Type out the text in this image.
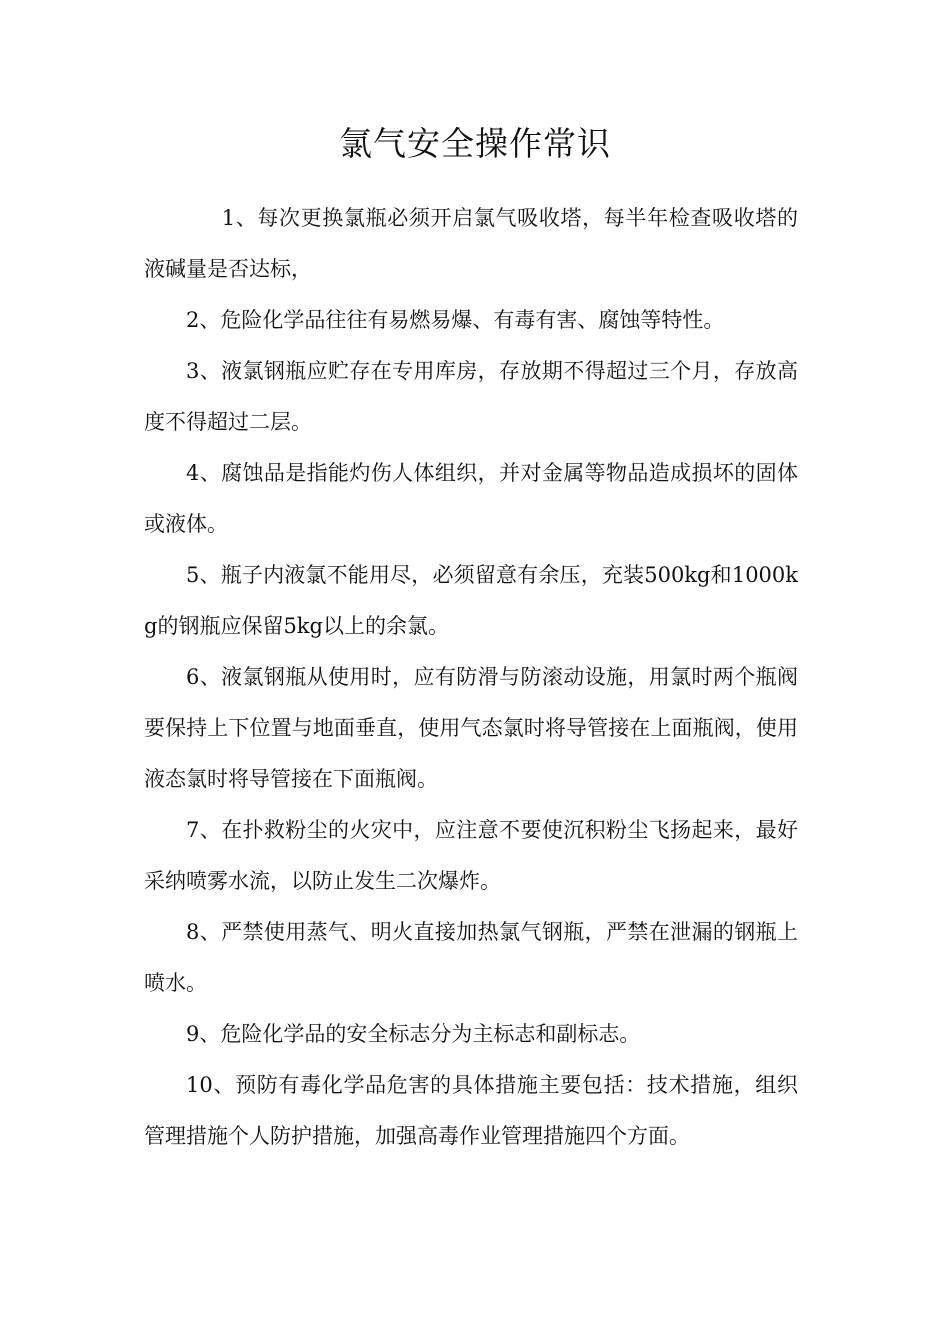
氯气安全操作常识

1、每次更换氯瓶必须开启氯气吸收塔，每半年检查吸收塔的液碱量是否达标，

2、危险化学品往往有易燃易爆、有毒有害、腐蚀等特性。

3、液氯钢瓶应贮存在专用库房，存放期不得超过三个月，存放高度不得超过二层。

4、腐蚀品是指能灼伤人体组织，并对金属等物品造成损坏的固体或液体。

5、瓶子内液氯不能用尽，必须留意有余压，充装500kg和1000kg的钢瓶应保留5kg以上的余氯。

6、液氯钢瓶从使用时，应有防滑与防滚动设施，用氯时两个瓶阀要保持上下位置与地面垂直，使用气态氯时将导管接在上面瓶阀，使用液态氯时将导管接在下面瓶阀。

7、在扑救粉尘的火灾中，应注意不要使沉积粉尘飞扬起来，最好采纳喷雾水流，以防止发生二次爆炸。

8、严禁使用蒸气、明火直接加热氯气钢瓶，严禁在泄漏的钢瓶上喷水。

9、危险化学品的安全标志分为主标志和副标志。

10、预防有毒化学品危害的具体措施主要包括：技术措施，组织管理措施个人防护措施，加强高毒作业管理措施四个方面。
